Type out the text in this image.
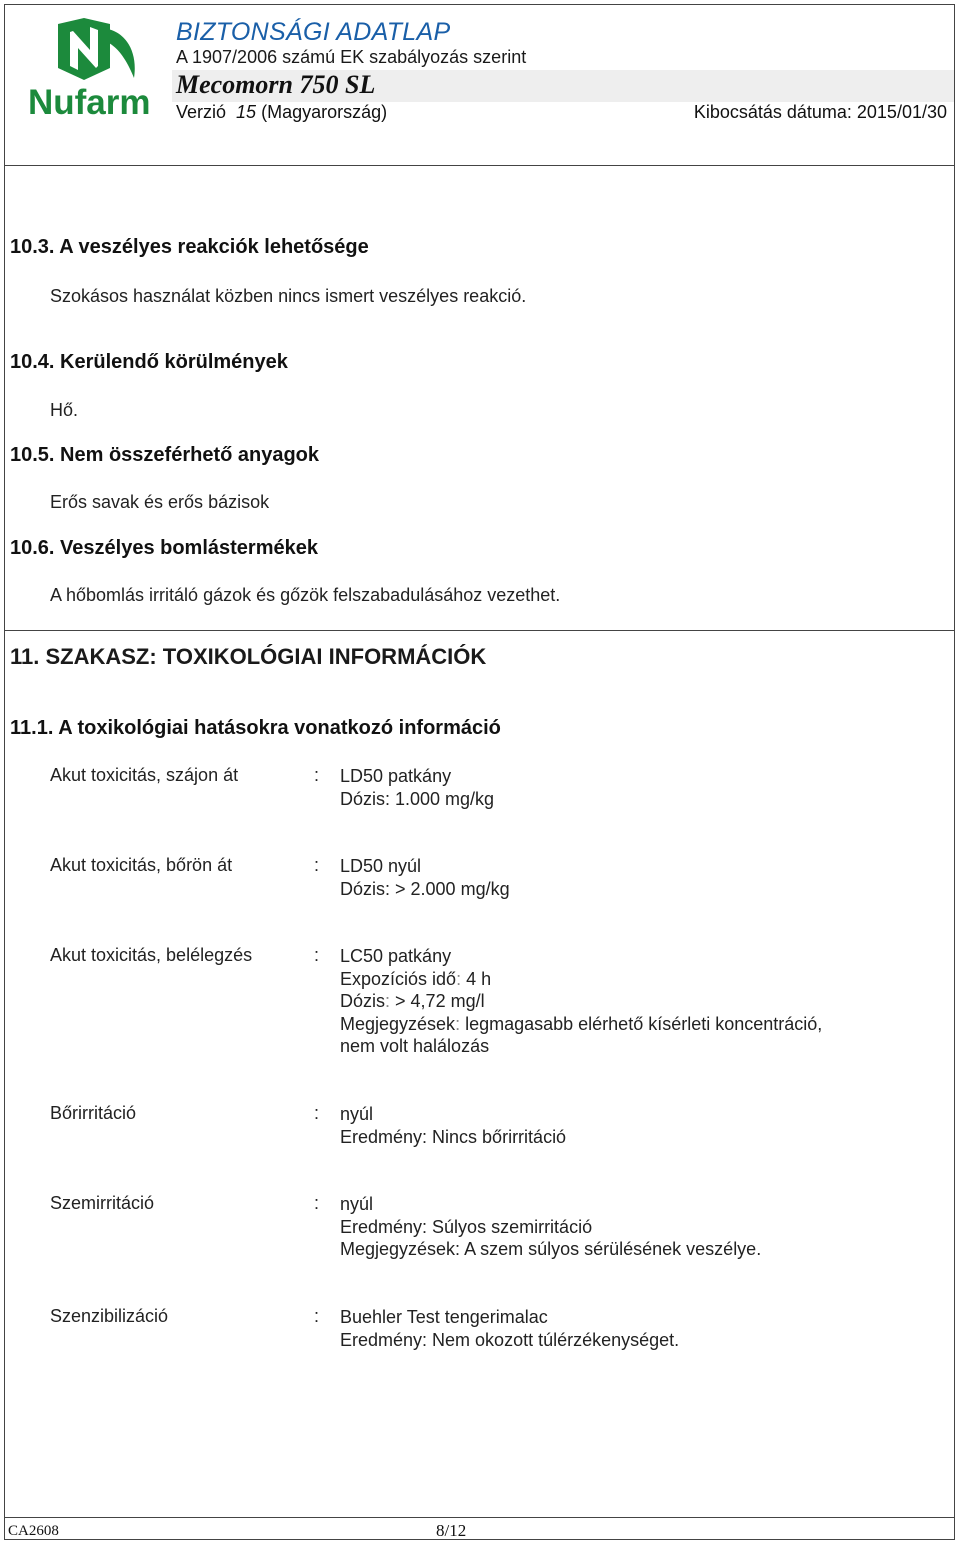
Nufarm
BIZTONSÁGI ADATLAP
A 1907/2006 számú EK szabályozás szerint
Mecomorn 750 SL
Verzió 15 (Magyarország)	Kibocsátás dátuma: 2015/01/30
10.3. A veszélyes reakciók lehetősége
Szokásos használat közben nincs ismert veszélyes reakció.
10.4. Kerülendő körülmények
Hő.
10.5. Nem összeférhető anyagok
Erős savak és erős bázisok
10.6. Veszélyes bomlástermékek
A hőbomlás irritáló gázok és gőzök felszabadulásához vezethet.
11. SZAKASZ: TOXIKOLÓGIAI INFORMÁCIÓK
11.1. A toxikológiai hatásokra vonatkozó információ
Akut toxicitás, szájon át	: LD50 patkány
Dózis: 1.000 mg/kg
Akut toxicitás, bőrön át	: LD50 nyúl
Dózis: > 2.000 mg/kg
Akut toxicitás, belélegzés	: LC50 patkány
Expozíciós idő: 4 h
Dózis: > 4,72 mg/l
Megjegyzések: legmagasabb elérhető kísérleti koncentráció,
nem volt halálozás
Bőrirritáció	: nyúl
Eredmény: Nincs bőrirritáció
Szemirritáció	: nyúl
Eredmény: Súlyos szemirritáció
Megjegyzések: A szem súlyos sérülésének veszélye.
Szenzibilizáció	: Buehler Test tengerimalac
Eredmény: Nem okozott túlérzékenységet.
CA2608	8/12
